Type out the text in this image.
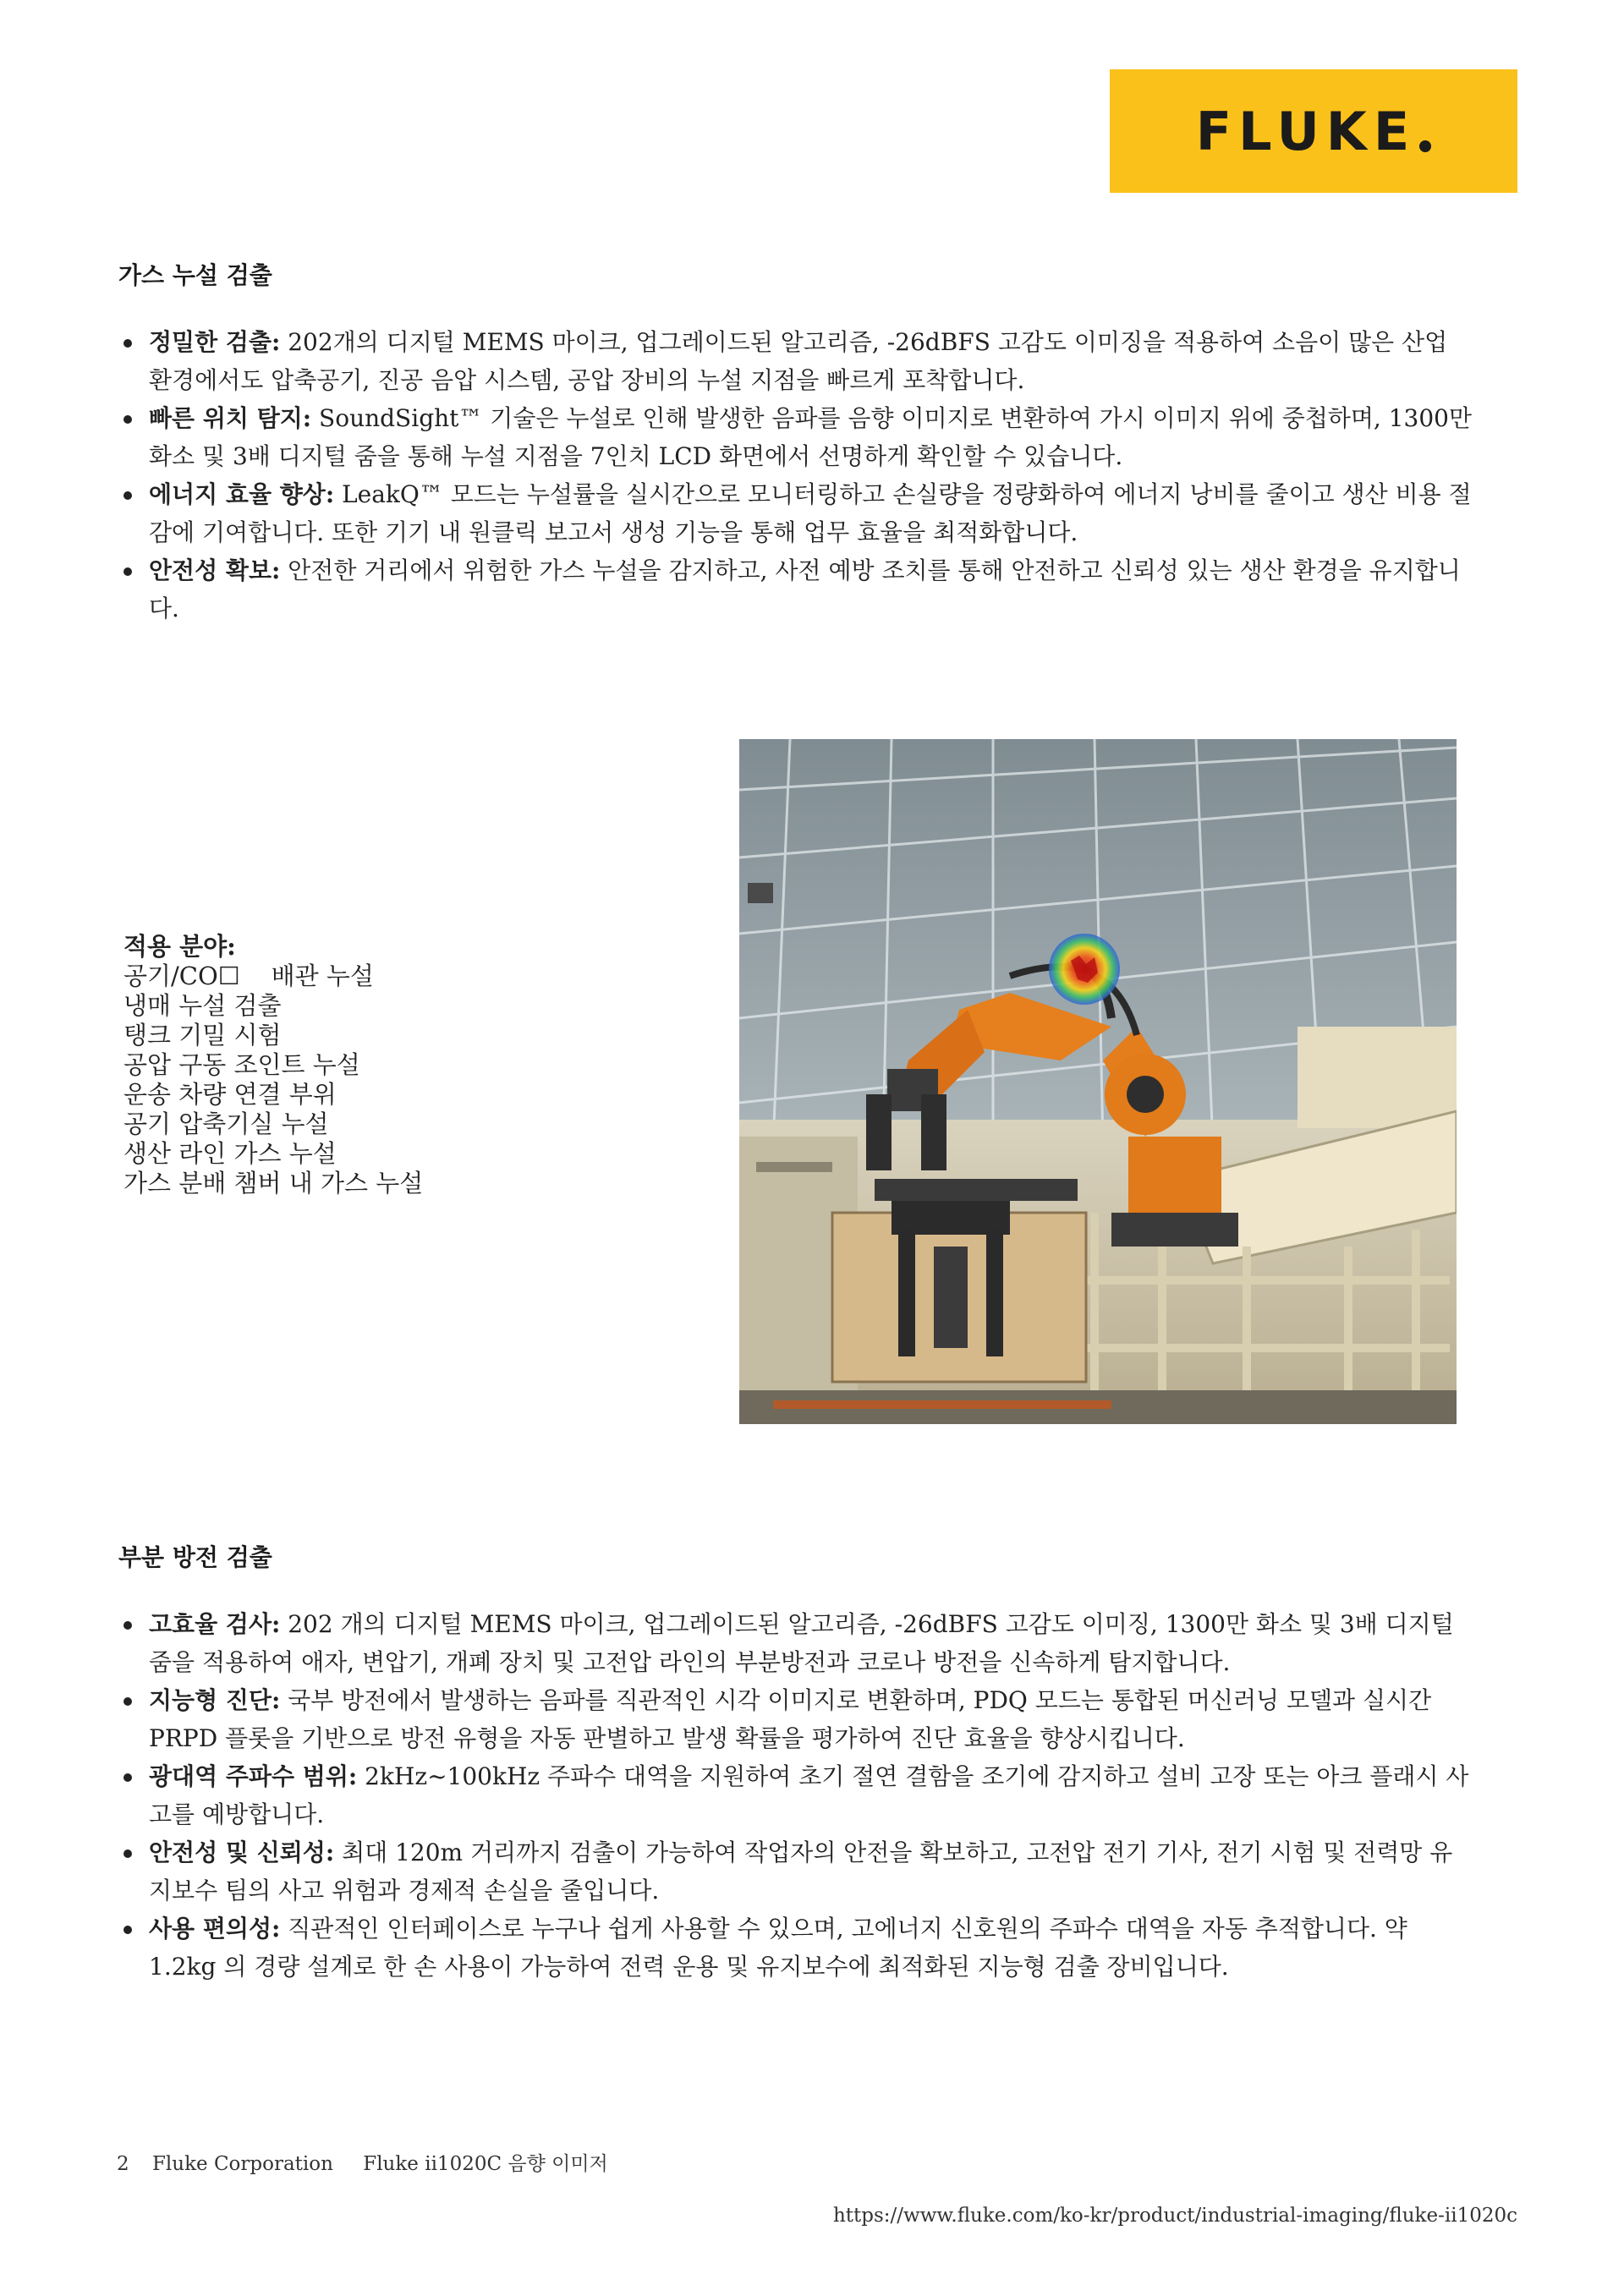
FLUKE
가스 누설 검출
정밀한 검출: 202개의 디지털 MEMS 마이크, 업그레이드된 알고리즘, -26dBFS 고감도 이미징을 적용하여 소음이 많은 산업 환경에서도 압축공기, 진공 음압 시스템, 공압 장비의 누설 지점을 빠르게 포착합니다.
빠른 위치 탐지: SoundSight™ 기술은 누설로 인해 발생한 음파를 음향 이미지로 변환하여 가시 이미지 위에 중첩하며, 1300만 화소 및 3배 디지털 줌을 통해 누설 지점을 7인치 LCD 화면에서 선명하게 확인할 수 있습니다.
에너지 효율 향상: LeakQ™ 모드는 누설률을 실시간으로 모니터링하고 손실량을 정량화하여 에너지 낭비를 줄이고 생산 비용 절감에 기여합니다. 또한 기기 내 원클릭 보고서 생성 기능을 통해 업무 효율을 최적화합니다.
안전성 확보: 안전한 거리에서 위험한 가스 누설을 감지하고, 사전 예방 조치를 통해 안전하고 신뢰성 있는 생산 환경을 유지합니다.
적용 분야:
공기/CO☐    배관 누설
냉매 누설 검출
탱크 기밀 시험
공압 구동 조인트 누설
운송 차량 연결 부위
공기 압축기실 누설
생산 라인 가스 누설
가스 분배 챔버 내 가스 누설
부분 방전 검출
고효율 검사: 202 개의 디지털 MEMS 마이크, 업그레이드된 알고리즘, -26dBFS 고감도 이미징, 1300만 화소 및 3배 디지털 줌을 적용하여 애자, 변압기, 개폐 장치 및 고전압 라인의 부분방전과 코로나 방전을 신속하게 탐지합니다.
지능형 진단: 국부 방전에서 발생하는 음파를 직관적인 시각 이미지로 변환하며, PDQ 모드는 통합된 머신러닝 모델과 실시간 PRPD 플롯을 기반으로 방전 유형을 자동 판별하고 발생 확률을 평가하여 진단 효율을 향상시킵니다.
광대역 주파수 범위: 2kHz~100kHz 주파수 대역을 지원하여 초기 절연 결함을 조기에 감지하고 설비 고장 또는 아크 플래시 사고를 예방합니다.
안전성 및 신뢰성: 최대 120m 거리까지 검출이 가능하여 작업자의 안전을 확보하고, 고전압 전기 기사, 전기 시험 및 전력망 유지보수 팀의 사고 위험과 경제적 손실을 줄입니다.
사용 편의성: 직관적인 인터페이스로 누구나 쉽게 사용할 수 있으며, 고에너지 신호원의 주파수 대역을 자동 추적합니다. 약 1.2kg 의 경량 설계로 한 손 사용이 가능하여 전력 운용 및 유지보수에 최적화된 지능형 검출 장비입니다.
2 Fluke Corporation Fluke ii1020C 음향 이미저
https://www.fluke.com/ko-kr/product/industrial-imaging/fluke-ii1020c
